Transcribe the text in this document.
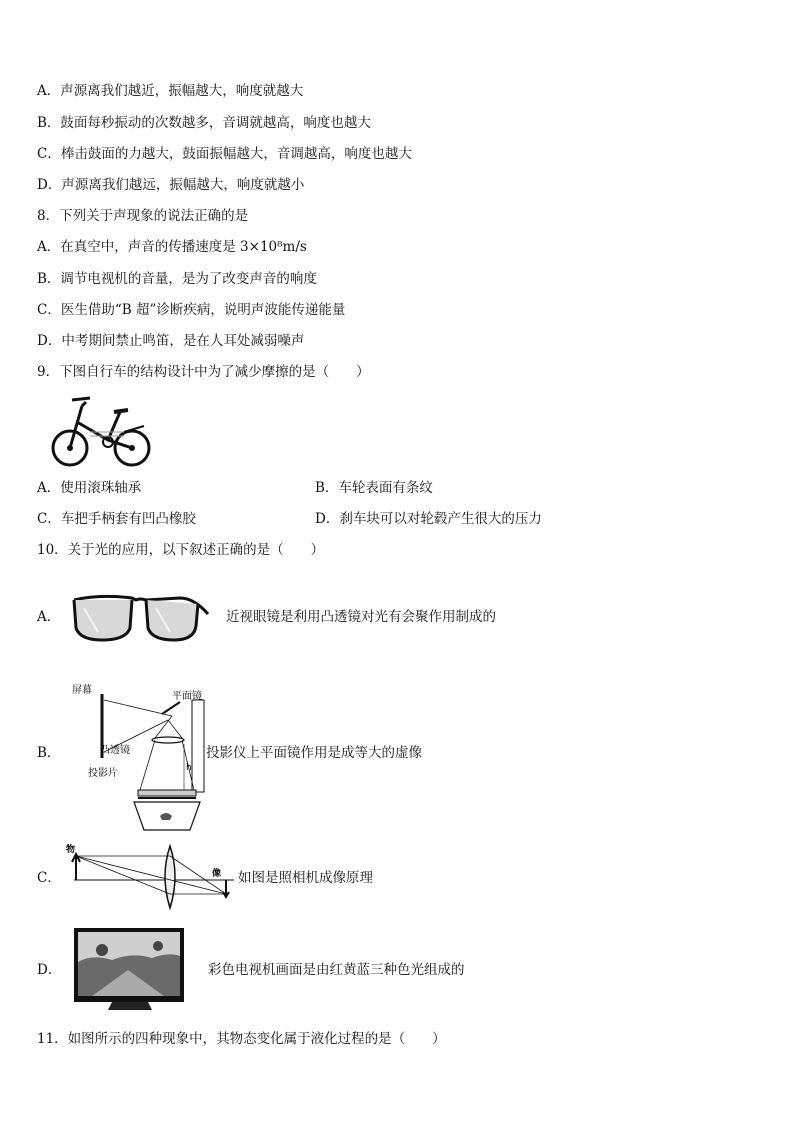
A．声源离我们越近，振幅越大，响度就越大
B．鼓面每秒振动的次数越多，音调就越高，响度也越大
C．棒击鼓面的力越大，鼓面振幅越大，音调越高，响度也越大
D．声源离我们越远，振幅越大，响度就越小
8．下列关于声现象的说法正确的是
A．在真空中，声音的传播速度是 3×10⁸m/s
B．调节电视机的音量，是为了改变声音的响度
C．医生借助“B 超”诊断疾病，说明声波能传递能量
D．中考期间禁止鸣笛，是在人耳处减弱噪声
9．下图自行车的结构设计中为了减少摩擦的是（　　）
A．使用滚珠轴承	B．车轮表面有条纹
C．车把手柄套有凹凸橡胶	D．刹车块可以对轮毂产生很大的压力
10．关于光的应用，以下叙述正确的是（　　）
A．	近视眼镜是利用凸透镜对光有会聚作用制成的
B．
h
屏幕
平面镜
凸透镜
投影片
投影仪上平面镜作用是成等大的虚像
C．
物
像 如图是照相机成像原理
D．	彩色电视机画面是由红黄蓝三种色光组成的
11．如图所示的四种现象中，其物态变化属于液化过程的是（　　）
